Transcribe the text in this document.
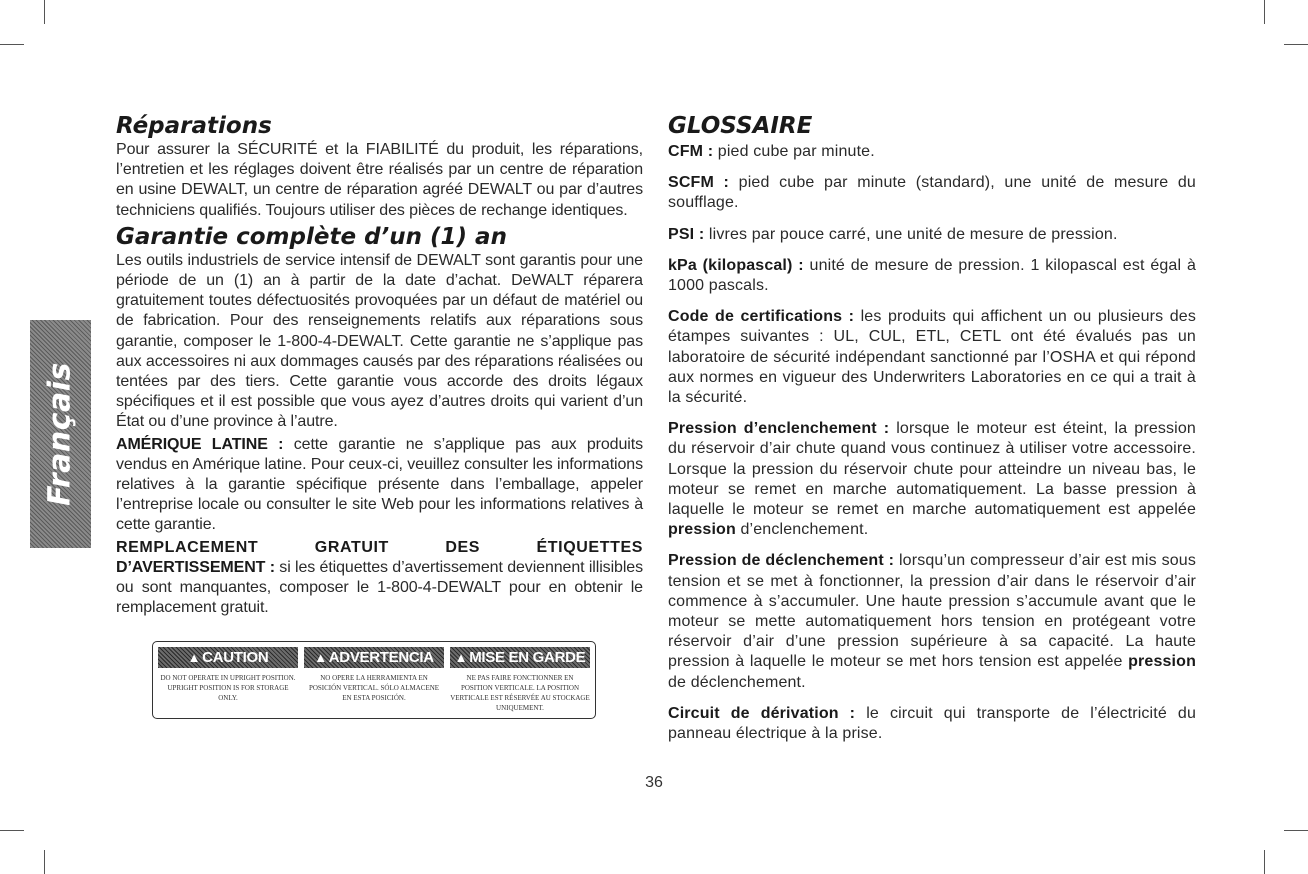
Français
Réparations

Pour assurer la SÉCURITÉ et la FIABILITÉ du produit, les réparations, l’entretien et les réglages doivent être réalisés par un centre de réparation en usine DEWALT, un centre de réparation agréé DEWALT ou par d’autres techniciens qualifiés. Toujours utiliser des pièces de rechange identiques.

Garantie complète d’un (1) an

Les outils industriels de service intensif de DEWALT sont garantis pour une période de un (1) an à partir de la date d’achat. DeWALT réparera gratuitement toutes défectuosités provoquées par un défaut de matériel ou de fabrication. Pour des renseignements relatifs aux réparations sous garantie, composer le 1-800-4-DEWALT. Cette garantie ne s’applique pas aux accessoires ni aux dommages causés par des réparations réalisées ou tentées par des tiers. Cette garantie vous accorde des droits légaux spécifiques et il est possible que vous ayez d’autres droits qui varient d’un État ou d’une province à l’autre.

AMÉRIQUE LATINE : cette garantie ne s’applique pas aux produits vendus en Amérique latine. Pour ceux-ci, veuillez consulter les informations relatives à la garantie spécifique présente dans l’emballage, appeler l’entreprise locale ou consulter le site Web pour les informations relatives à cette garantie.

REMPLACEMENT GRATUIT DES ÉTIQUETTES
D’AVERTISSEMENT : si les étiquettes d’avertissement deviennent illisibles ou sont manquantes, composer le 1-800-4-DEWALT pour en obtenir le remplacement gratuit.

▲ CAUTION
DO NOT OPERATE IN UPRIGHT POSITION. UPRIGHT POSITION IS FOR STORAGE ONLY.
▲ ADVERTENCIA
NO OPERE LA HERRAMIENTA EN POSICIÓN VERTICAL. SÓLO ALMACENE EN ESTA POSICIÓN.
▲ MISE EN GARDE
NE PAS FAIRE FONCTIONNER EN POSITION VERTICALE. LA POSITION VERTICALE EST RÉSERVÉE AU STOCKAGE UNIQUEMENT.
GLOSSAIRE

CFM : pied cube par minute.

SCFM : pied cube par minute (standard), une unité de mesure du soufflage.

PSI : livres par pouce carré, une unité de mesure de pression.

kPa (kilopascal) : unité de mesure de pression. 1 kilopascal est égal à 1000 pascals.

Code de certifications : les produits qui affichent un ou plusieurs des étampes suivantes : UL, CUL, ETL, CETL ont été évalués pas un laboratoire de sécurité indépendant sanctionné par l’OSHA et qui répond aux normes en vigueur des Underwriters Laboratories en ce qui a trait à la sécurité.

Pression d’enclenchement : lorsque le moteur est éteint, la pression du réservoir d’air chute quand vous continuez à utiliser votre accessoire. Lorsque la pression du réservoir chute pour atteindre un niveau bas, le moteur se remet en marche automatiquement. La basse pression à laquelle le moteur se remet en marche automatiquement est appelée pression d’enclenchement.

Pression de déclenchement : lorsqu’un compresseur d’air est mis sous tension et se met à fonctionner, la pression d’air dans le réservoir d’air commence à s’accumuler. Une haute pression s’accumule avant que le moteur se mette automatiquement hors tension en protégeant votre réservoir d’air d’une pression supérieure à sa capacité. La haute pression à laquelle le moteur se met hors tension est appelée pression de déclenchement.

Circuit de dérivation : le circuit qui transporte de l’électricité du panneau électrique à la prise.

36
